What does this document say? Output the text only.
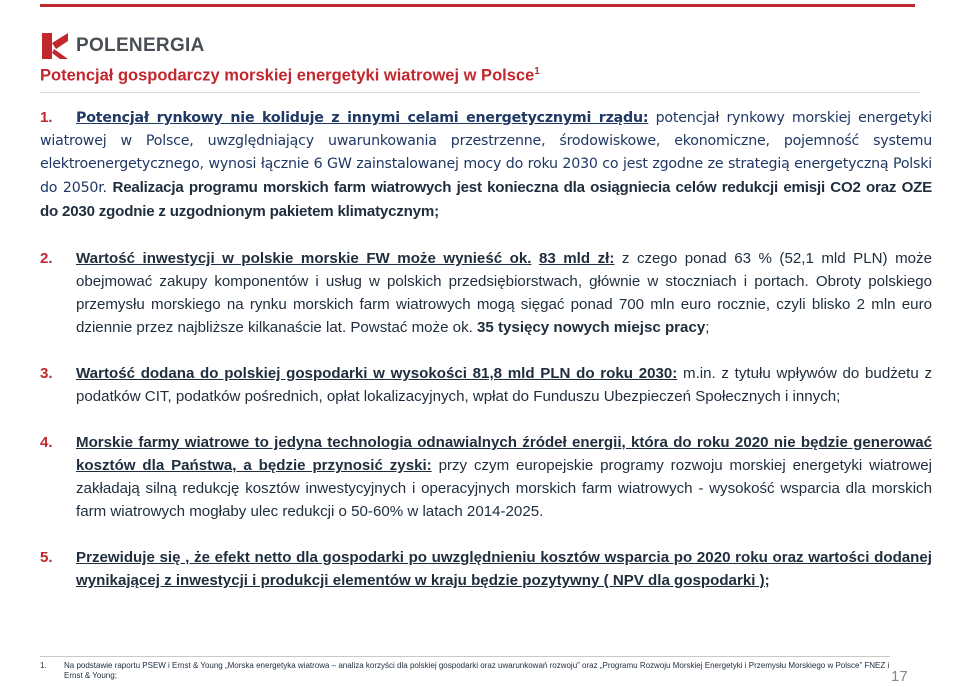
POLENERGIA
Potencjał gospodarczy morskiej energetyki wiatrowej w Polsce$^1$
1. Potencjał rynkowy nie koliduje z innymi celami energetycznymi rządu: potencjał rynkowy morskiej energetyki wiatrowej w Polsce, uwzględniający uwarunkowania przestrzenne, środowiskowe, ekonomiczne, pojemność systemu elektroenergetycznego, wynosi łącznie 6 GW zainstalowanej mocy do roku 2030 co jest zgodne ze strategią energetyczną Polski do 2050r. Realizacja programu morskich farm wiatrowych jest konieczna dla osiągniecia celów redukcji emisji CO2 oraz OZE do 2030 zgodnie z uzgodnionym pakietem klimatycznym;
2.	Wartość inwestycji w polskie morskie FW może wynieść ok. 83 mld zł: z czego ponad 63 % (52,1 mld PLN) może obejmować zakupy komponentów i usług w polskich przedsiębiorstwach, głównie w stoczniach i portach. Obroty polskiego przemysłu morskiego na rynku morskich farm wiatrowych mogą sięgać ponad 700 mln euro rocznie, czyli blisko 2 mln euro dziennie przez najbliższe kilkanaście lat. Powstać może ok. 35 tysięcy nowych miejsc pracy;
3.	Wartość dodana do polskiej gospodarki w wysokości 81,8 mld PLN do roku 2030: m.in. z tytułu wpływów do budżetu z podatków CIT, podatków pośrednich, opłat lokalizacyjnych, wpłat do Funduszu Ubezpieczeń Społecznych i innych;
4.	Morskie farmy wiatrowe to jedyna technologia odnawialnych źródeł energii, która do roku 2020 nie będzie generować kosztów dla Państwa, a będzie przynosić zyski: przy czym europejskie programy rozwoju morskiej energetyki wiatrowej zakładają silną redukcję kosztów inwestycyjnych i operacyjnych morskich farm wiatrowych - wysokość wsparcia dla morskich farm wiatrowych mogłaby ulec redukcji o 50-60% w latach 2014-2025.
5.	Przewiduje się , że efekt netto dla gospodarki po uwzględnieniu kosztów wsparcia po 2020 roku oraz wartości dodanej wynikającej z inwestycji i produkcji elementów w kraju będzie pozytywny ( NPV dla gospodarki );
1.	Na podstawie raportu PSEW i Ernst & Young „Morska energetyka wiatrowa – analiza korzyści dla polskiej gospodarki oraz uwarunkowań rozwoju” oraz „Programu Rozwoju Morskiej Energetyki i Przemysłu Morskiego w Polsce” FNEZ i Ernst & Young;	17
